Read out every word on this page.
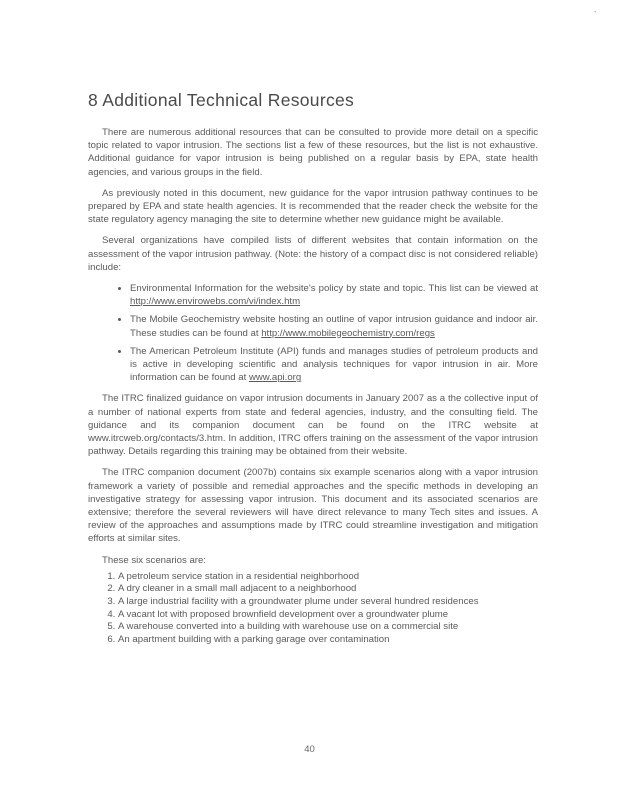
`
8 Additional Technical Resources

There are numerous additional resources that can be consulted to provide more detail on a specific topic related to vapor intrusion. The sections list a few of these resources, but the list is not exhaustive. Additional guidance for vapor intrusion is being published on a regular basis by EPA, state health agencies, and various groups in the field.

As previously noted in this document, new guidance for the vapor intrusion pathway continues to be prepared by EPA and state health agencies. It is recommended that the reader check the website for the state regulatory agency managing the site to determine whether new guidance might be available.

Several organizations have compiled lists of different websites that contain information on the assessment of the vapor intrusion pathway. (Note: the history of a compact disc is not considered reliable) include:

• Environmental Information for the website's policy by state and topic. This list can be viewed at http://www.envirowebs.com/vi/index.htm
• The Mobile Geochemistry website hosting an outline of vapor intrusion guidance and indoor air. These studies can be found at http://www.mobilegeochemistry.com/regs
• The American Petroleum Institute (API) funds and manages studies of petroleum products and is active in developing scientific and analysis techniques for vapor intrusion in air. More information can be found at www.api.org

The ITRC finalized guidance on vapor intrusion documents in January 2007 as a the collective input of a number of national experts from state and federal agencies, industry, and the consulting field. The guidance and its companion document can be found on the ITRC website at www.itrcweb.org/contacts/3.htm. In addition, ITRC offers training on the assessment of the vapor intrusion pathway. Details regarding this training may be obtained from their website.

The ITRC companion document (2007b) contains six example scenarios along with a vapor intrusion framework a variety of possible and remedial approaches and the specific methods in developing an investigative strategy for assessing vapor intrusion. This document and its associated scenarios are extensive; therefore the several reviewers will have direct relevance to many Tech sites and issues. A review of the approaches and assumptions made by ITRC could streamline investigation and mitigation efforts at similar sites.

These six scenarios are:

1. A petroleum service station in a residential neighborhood
2. A dry cleaner in a small mall adjacent to a neighborhood
3. A large industrial facility with a groundwater plume under several hundred residences
4. A vacant lot with proposed brownfield development over a groundwater plume
5. A warehouse converted into a building with warehouse use on a commercial site
6. An apartment building with a parking garage over contamination
40
